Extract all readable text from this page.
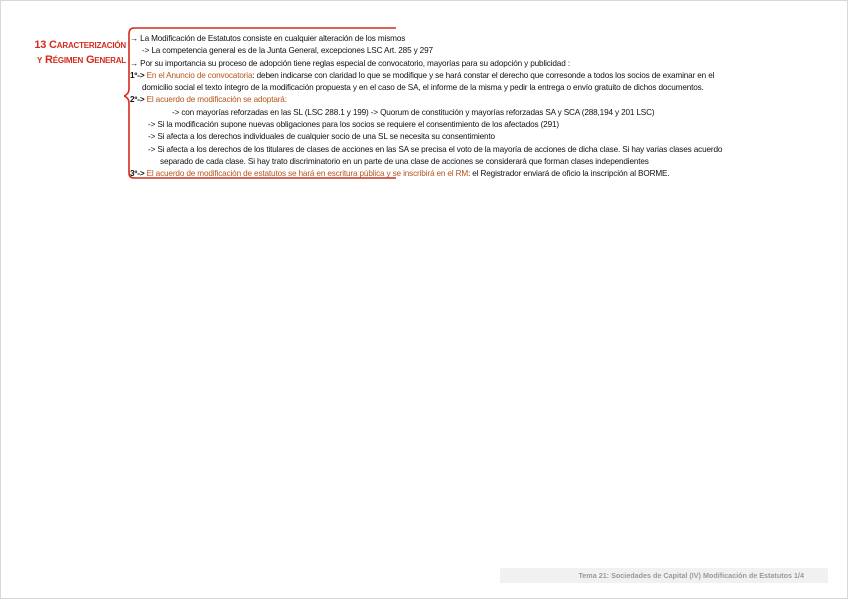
13 Caracterización
y Régimen General
→ La Modificación de Estatutos consiste en cualquier alteración de los mismos
-> La competencia general es de la Junta General, excepciones LSC Art. 285 y 297
→ Por su importancia su proceso de adopción tiene reglas especial de convocatorio, mayorías para su adopción y publicidad :
1º-> En el Anuncio de convocatoria: deben indicarse con claridad lo que se modifique y se hará constar el derecho que corresonde a todos los socios de examinar en el
domicilio social el texto íntegro de la modificación propuesta y en el caso de SA, el informe de la misma y pedir la entrega o envío gratuito de dichos documentos.
2º-> El acuerdo de modificación se adoptará:
-> con mayorías reforzadas en las SL (LSC 288.1 y 199) -> Quorum de constitución y mayorías reforzadas SA y SCA (288,194 y 201 LSC)
-> Si la modificación supone nuevas obligaciones para los socios se requiere el consentimiento de los afectados (291)
-> Si afecta a los derechos individuales de cualquier socio de una SL se necesita su consentimiento
-> Si afecta a los derechos de los titulares de clases de acciones en las SA se precisa el voto de la mayoría de acciones de dicha clase. Si hay varias clases acuerdo
separado de cada clase. Si hay trato discriminatorio en un parte de una clase de acciones se considerará que forman clases independientes
3º-> El acuerdo de modificación de estatutos se hará en escritura pública y se inscribirá en el RM: el Registrador enviará de oficio la inscripción al BORME.
Tema 21: Sociedades de Capital (IV) Modificación de Estatutos 1/4
